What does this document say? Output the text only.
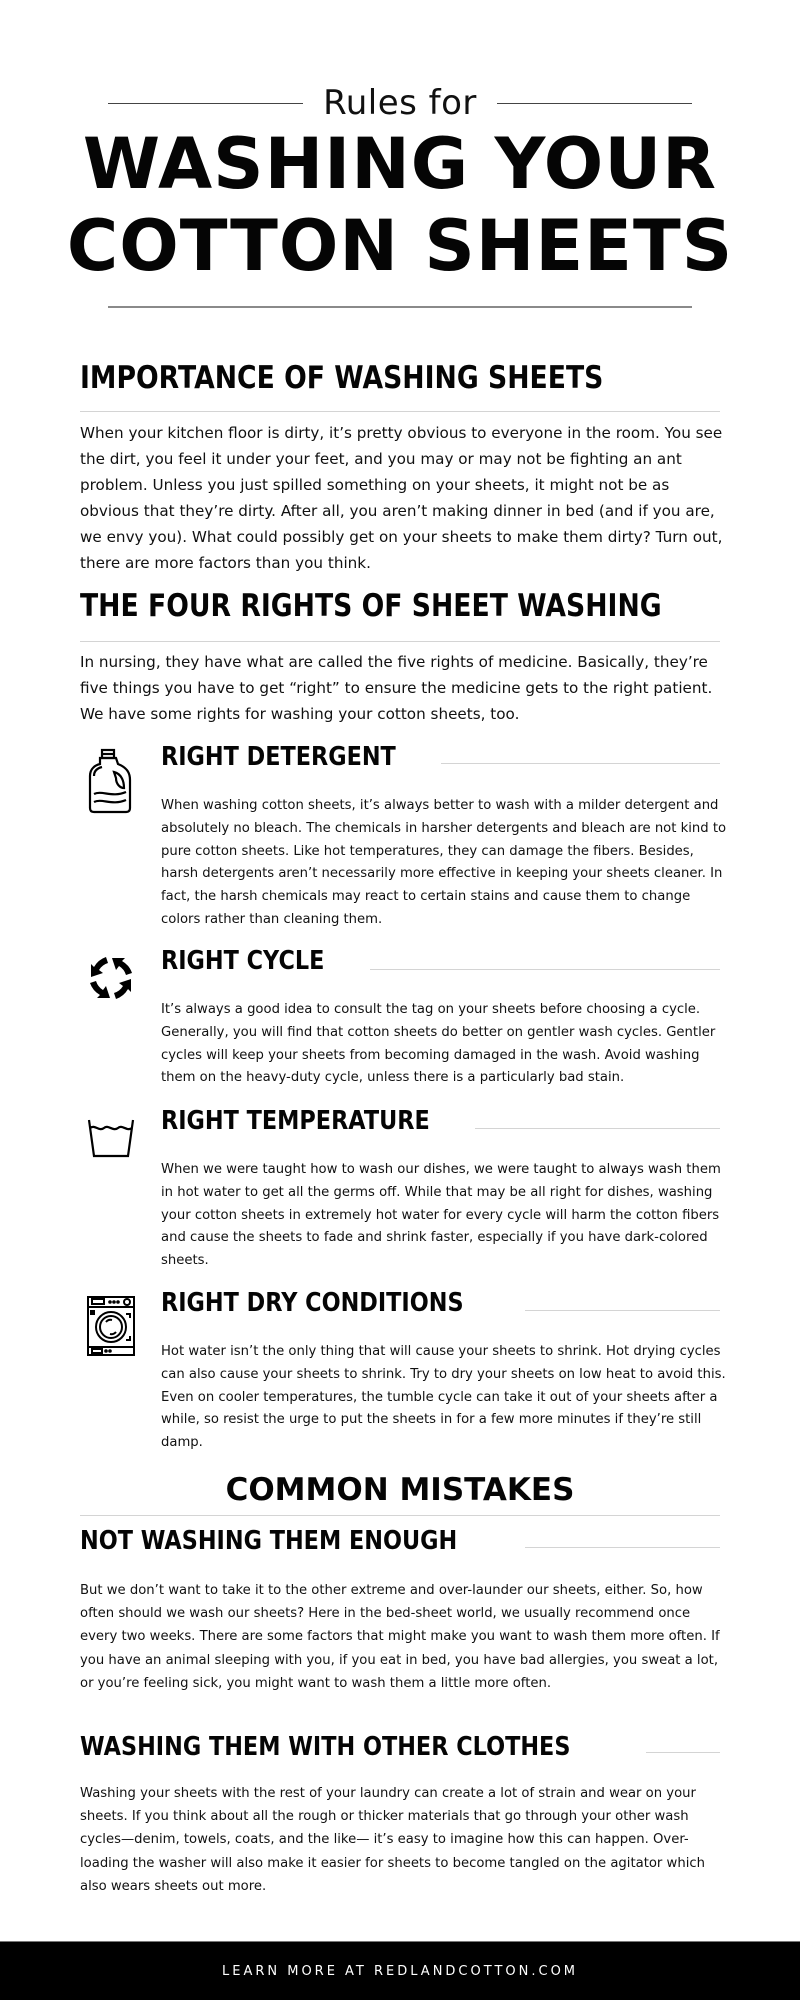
Rules for
WASHING YOUR
COTTON SHEETS
IMPORTANCE OF WASHING SHEETS

When your kitchen floor is dirty, it’s pretty obvious to everyone in the room. You see the dirt, you feel it under your feet, and you may or may not be fighting an ant problem. Unless you just spilled something on your sheets, it might not be as obvious that they’re dirty. After all, you aren’t making dinner in bed (and if you are, we envy you). What could possibly get on your sheets to make them dirty? Turn out, there are more factors than you think.

THE FOUR RIGHTS OF SHEET WASHING

In nursing, they have what are called the five rights of medicine. Basically, they’re five things you have to get “right” to ensure the medicine gets to the right patient. We have some rights for washing your cotton sheets, too.

RIGHT DETERGENT

When washing cotton sheets, it’s always better to wash with a milder detergent and absolutely no bleach. The chemicals in harsher detergents and bleach are not kind to pure cotton sheets. Like hot temperatures, they can damage the fibers. Besides, harsh detergents aren’t necessarily more effective in keeping your sheets cleaner. In fact, the harsh chemicals may react to certain stains and cause them to change colors rather than cleaning them.

RIGHT CYCLE

It’s always a good idea to consult the tag on your sheets before choosing a cycle. Generally, you will find that cotton sheets do better on gentler wash cycles. Gentler cycles will keep your sheets from becoming damaged in the wash. Avoid washing them on the heavy-duty cycle, unless there is a particularly bad stain.

RIGHT TEMPERATURE

When we were taught how to wash our dishes, we were taught to always wash them in hot water to get all the germs off. While that may be all right for dishes, washing your cotton sheets in extremely hot water for every cycle will harm the cotton fibers and cause the sheets to fade and shrink faster, especially if you have dark-colored sheets.

RIGHT DRY CONDITIONS

Hot water isn’t the only thing that will cause your sheets to shrink. Hot drying cycles can also cause your sheets to shrink. Try to dry your sheets on low heat to avoid this. Even on cooler temperatures, the tumble cycle can take it out of your sheets after a while, so resist the urge to put the sheets in for a few more minutes if they’re still damp.

COMMON MISTAKES
NOT WASHING THEM ENOUGH

But we don’t want to take it to the other extreme and over-launder our sheets, either. So, how often should we wash our sheets? Here in the bed-sheet world, we usually recommend once every two weeks. There are some factors that might make you want to wash them more often. If you have an animal sleeping with you, if you eat in bed, you have bad allergies, you sweat a lot, or you’re feeling sick, you might want to wash them a little more often.

WASHING THEM WITH OTHER CLOTHES

Washing your sheets with the rest of your laundry can create a lot of strain and wear on your sheets. If you think about all the rough or thicker materials that go through your other wash cycles—denim, towels, coats, and the like— it’s easy to imagine how this can happen. Over-loading the washer will also make it easier for sheets to become tangled on the agitator which also wears sheets out more.

LEARN MORE AT REDLANDCOTTON.COM
